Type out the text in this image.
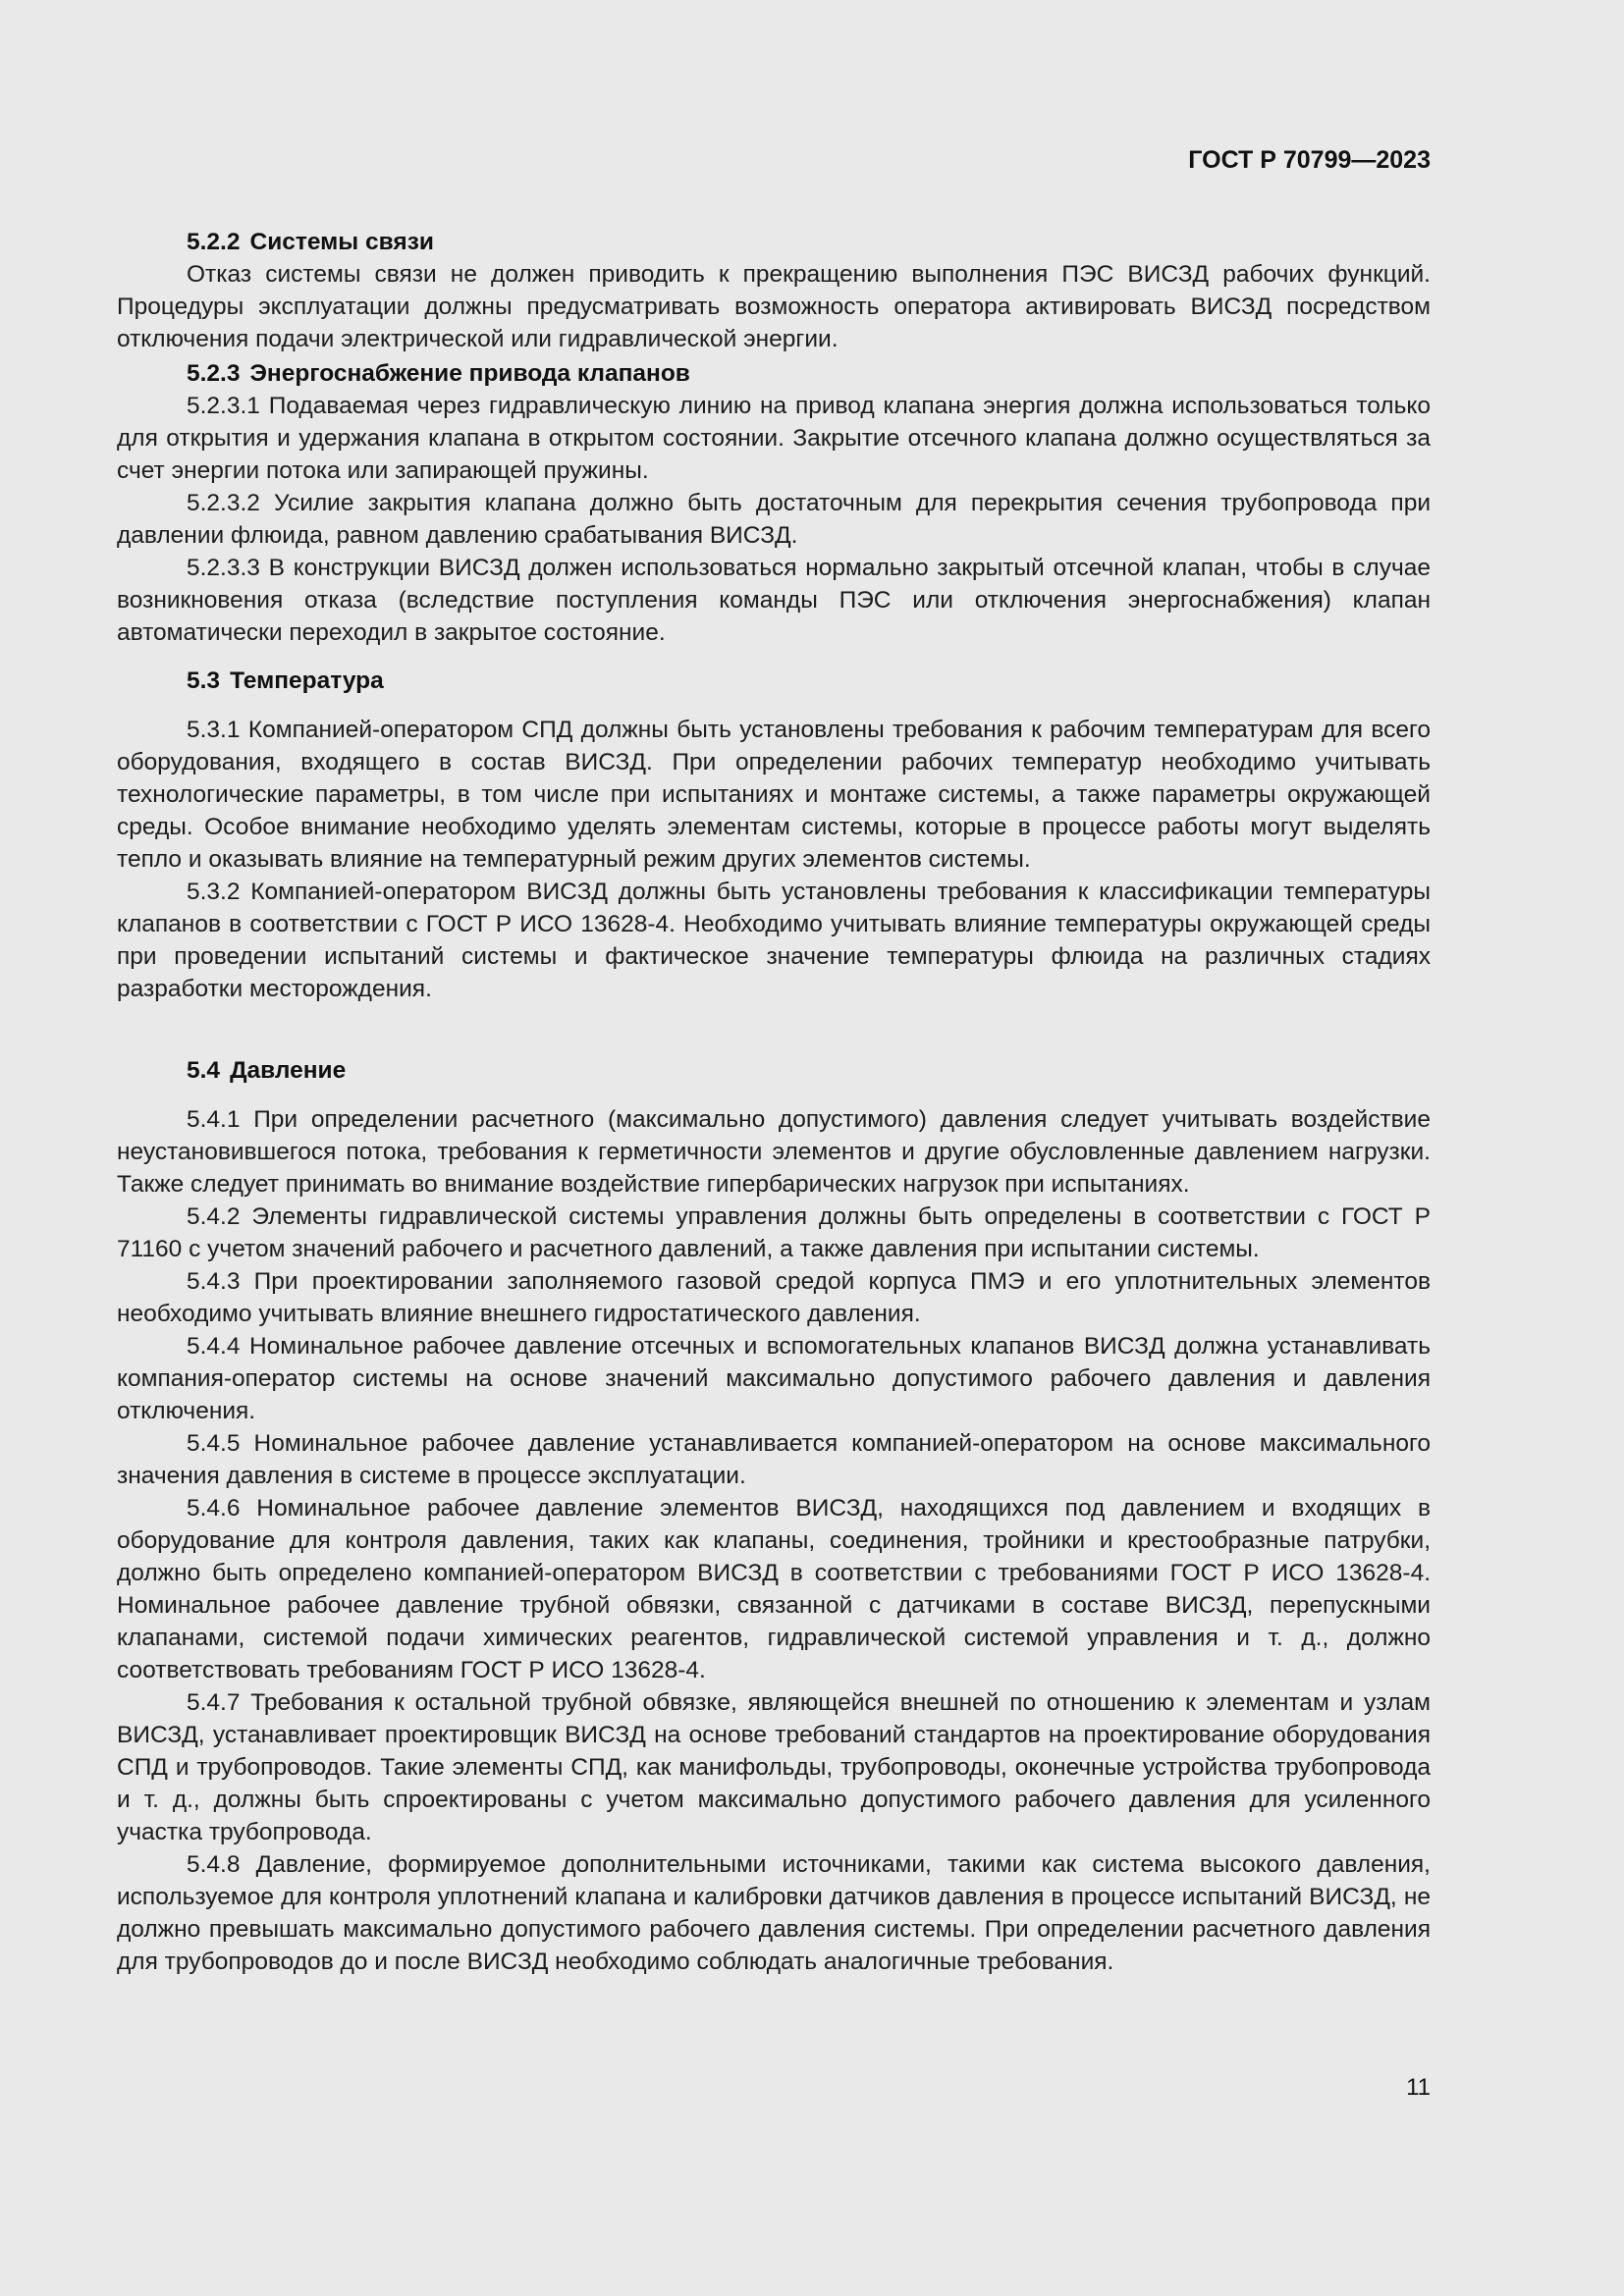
ГОСТ Р 70799—2023

5.2.2 Системы связи

Отказ системы связи не должен приводить к прекращению выполнения ПЭС ВИСЗД рабочих функций. Процедуры эксплуатации должны предусматривать возможность оператора активировать ВИСЗД посредством отключения подачи электрической или гидравлической энергии.

5.2.3 Энергоснабжение привода клапанов

5.2.3.1 Подаваемая через гидравлическую линию на привод клапана энергия должна использоваться только для открытия и удержания клапана в открытом состоянии. Закрытие отсечного клапана должно осуществляться за счет энергии потока или запирающей пружины.

5.2.3.2 Усилие закрытия клапана должно быть достаточным для перекрытия сечения трубопровода при давлении флюида, равном давлению срабатывания ВИСЗД.

5.2.3.3 В конструкции ВИСЗД должен использоваться нормально закрытый отсечной клапан, чтобы в случае возникновения отказа (вследствие поступления команды ПЭС или отключения энергоснабжения) клапан автоматически переходил в закрытое состояние.

5.3 Температура

5.3.1 Компанией-оператором СПД должны быть установлены требования к рабочим температурам для всего оборудования, входящего в состав ВИСЗД. При определении рабочих температур необходимо учитывать технологические параметры, в том числе при испытаниях и монтаже системы, а также параметры окружающей среды. Особое внимание необходимо уделять элементам системы, которые в процессе работы могут выделять тепло и оказывать влияние на температурный режим других элементов системы.

5.3.2 Компанией-оператором ВИСЗД должны быть установлены требования к классификации температуры клапанов в соответствии с ГОСТ Р ИСО 13628-4. Необходимо учитывать влияние температуры окружающей среды при проведении испытаний системы и фактическое значение температуры флюида на различных стадиях разработки месторождения.

5.4 Давление

5.4.1 При определении расчетного (максимально допустимого) давления следует учитывать воздействие неустановившегося потока, требования к герметичности элементов и другие обусловленные давлением нагрузки. Также следует принимать во внимание воздействие гипербарических нагрузок при испытаниях.

5.4.2 Элементы гидравлической системы управления должны быть определены в соответствии с ГОСТ Р 71160 с учетом значений рабочего и расчетного давлений, а также давления при испытании системы.

5.4.3 При проектировании заполняемого газовой средой корпуса ПМЭ и его уплотнительных элементов необходимо учитывать влияние внешнего гидростатического давления.

5.4.4 Номинальное рабочее давление отсечных и вспомогательных клапанов ВИСЗД должна устанавливать компания-оператор системы на основе значений максимально допустимого рабочего давления и давления отключения.

5.4.5 Номинальное рабочее давление устанавливается компанией-оператором на основе максимального значения давления в системе в процессе эксплуатации.

5.4.6 Номинальное рабочее давление элементов ВИСЗД, находящихся под давлением и входящих в оборудование для контроля давления, таких как клапаны, соединения, тройники и крестообразные патрубки, должно быть определено компанией-оператором ВИСЗД в соответствии с требованиями ГОСТ Р ИСО 13628-4. Номинальное рабочее давление трубной обвязки, связанной с датчиками в составе ВИСЗД, перепускными клапанами, системой подачи химических реагентов, гидравлической системой управления и т. д., должно соответствовать требованиям ГОСТ Р ИСО 13628-4.

5.4.7 Требования к остальной трубной обвязке, являющейся внешней по отношению к элементам и узлам ВИСЗД, устанавливает проектировщик ВИСЗД на основе требований стандартов на проектирование оборудования СПД и трубопроводов. Такие элементы СПД, как манифольды, трубопроводы, оконечные устройства трубопровода и т. д., должны быть спроектированы с учетом максимально допустимого рабочего давления для усиленного участка трубопровода.

5.4.8 Давление, формируемое дополнительными источниками, такими как система высокого давления, используемое для контроля уплотнений клапана и калибровки датчиков давления в процессе испытаний ВИСЗД, не должно превышать максимально допустимого рабочего давления системы. При определении расчетного давления для трубопроводов до и после ВИСЗД необходимо соблюдать аналогичные требования.

11
